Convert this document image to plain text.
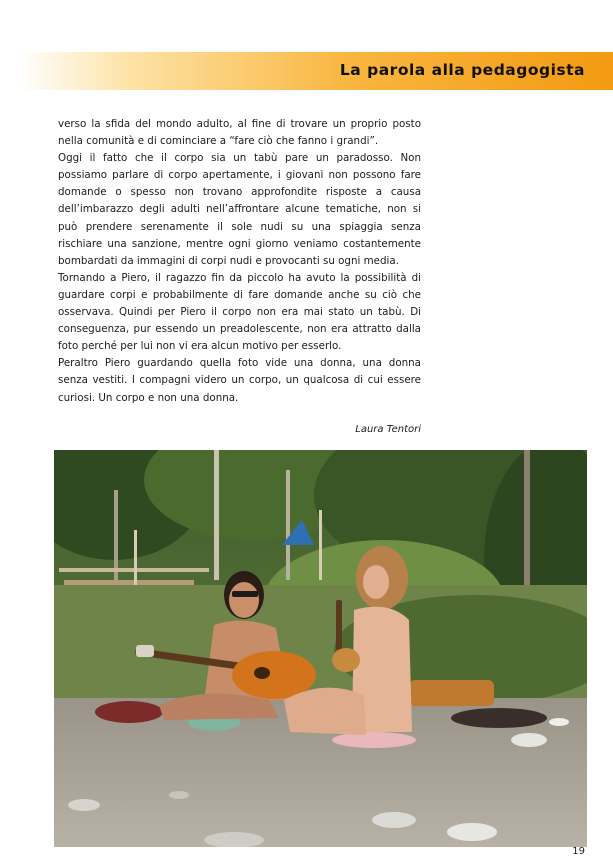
La parola alla pedagogista

verso la sfida del mondo adulto, al fine di trovare un proprio posto nella comunità e di cominciare a “fare ciò che fanno i grandi”.

Oggi il fatto che il corpo sia un tabù pare un paradosso. Non possiamo parlare di corpo apertamente, i giovani non possono fare domande o spesso non trovano approfondite risposte a causa dell’imbarazzo degli adulti nell’affrontare alcune tematiche, non si può prendere serenamente il sole nudi su una spiaggia senza rischiare una sanzione, mentre ogni giorno veniamo costantemente bombardati da immagini di corpi nudi e provocanti su ogni media.

Tornando a Piero, il ragazzo fin da piccolo ha avuto la possibilità di guardare corpi e probabilmente di fare domande anche su ciò che osservava. Quindi per Piero il corpo non era mai stato un tabù. Di conseguenza, pur essendo un preadolescente, non era attratto dalla foto perché per lui non vi era alcun motivo per esserlo.

Peraltro Piero guardando quella foto vide una donna, una donna senza vestiti. I compagni videro un corpo, un qualcosa di cui essere curiosi. Un corpo e non una donna.

Laura Tentori
19
